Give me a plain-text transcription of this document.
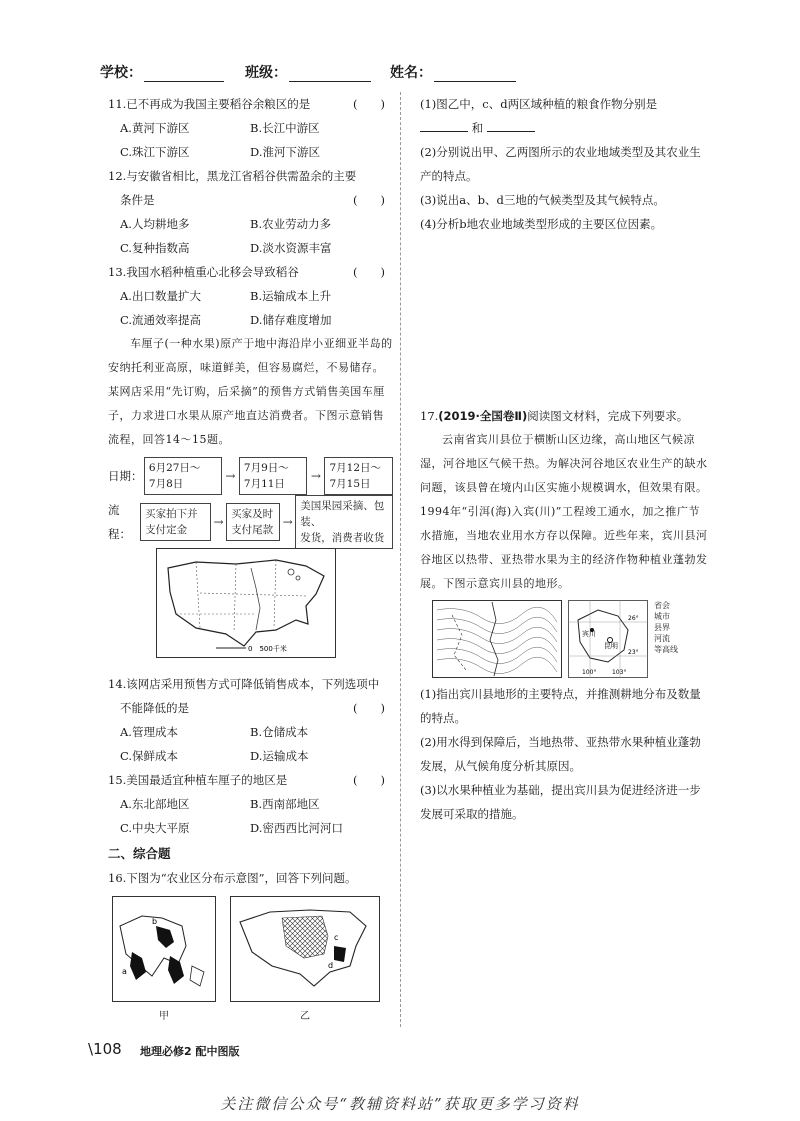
学校：	班级：	姓名：
11.已不再成为我国主要稻谷余粮区的是	(　　)
A.黄河下游区	B.长江中游区
C.珠江下游区	D.淮河下游区
12.与安徽省相比，黑龙江省稻谷供需盈余的主要
条件是	(　　)
A.人均耕地多	B.农业劳动力多
C.复种指数高	D.淡水资源丰富
13.我国水稻种植重心北移会导致稻谷	(　　)
A.出口数量扩大	B.运输成本上升
C.流通效率提高	D.储存难度增加
车厘子(一种水果)原产于地中海沿岸小亚细亚半岛的安纳托利亚高原，味道鲜美，但容易腐烂，不易储存。某网店采用“先订购，后采摘”的预售方式销售美国车厘子，力求进口水果从原产地直达消费者。下图示意销售流程，回答14～15题。
日期：
6月27日～
7月8日
→
7月9日～
7月11日
→
7月12日～
7月15日
流程：
买家拍下并
支付定金
→
买家及时
支付尾款
→
美国果园采摘、包装、
发货，消费者收货
0　500千米
14.该网店采用预售方式可降低销售成本，下列选项中
不能降低的是	(　　)
A.管理成本	B.仓储成本
C.保鲜成本	D.运输成本
15.美国最适宜种植车厘子的地区是	(　　)
A.东北部地区	B.西南部地区
C.中央大平原	D.密西西比河河口
二、综合题
16.下图为“农业区分布示意图”，回答下列问题。
b
a
甲
c
d
乙
(1)图乙中，c、d两区域种植的粮食作物分别是
和
(2)分别说出甲、乙两图所示的农业地域类型及其农业生产的特点。
(3)说出a、b、d三地的气候类型及其气候特点。
(4)分析b地农业地域类型形成的主要区位因素。
17.(2019·全国卷Ⅱ)阅读图文材料，完成下列要求。
云南省宾川县位于横断山区边缘，高山地区气候凉湿，河谷地区气候干热。为解决河谷地区农业生产的缺水问题，该县曾在境内山区实施小规模调水，但效果有限。1994年“引洱(海)入宾(川)”工程竣工通水，加之推广节水措施，当地农业用水方存以保障。近些年来，宾川县河谷地区以热带、亚热带水果为主的经济作物种植业蓬勃发展。下图示意宾川县的地形。
宾川
昆明
26°
23°
100°	103°
省会
城市
县界
河流
等高线
(1)指出宾川县地形的主要特点，并推测耕地分布及数量的特点。
(2)用水得到保障后，当地热带、亚热带水果种植业蓬勃发展，从气候角度分析其原因。
(3)以水果种植业为基础，提出宾川县为促进经济进一步发展可采取的措施。
\108 地理必修2 配中图版
关注微信公众号“教辅资料站”获取更多学习资料
